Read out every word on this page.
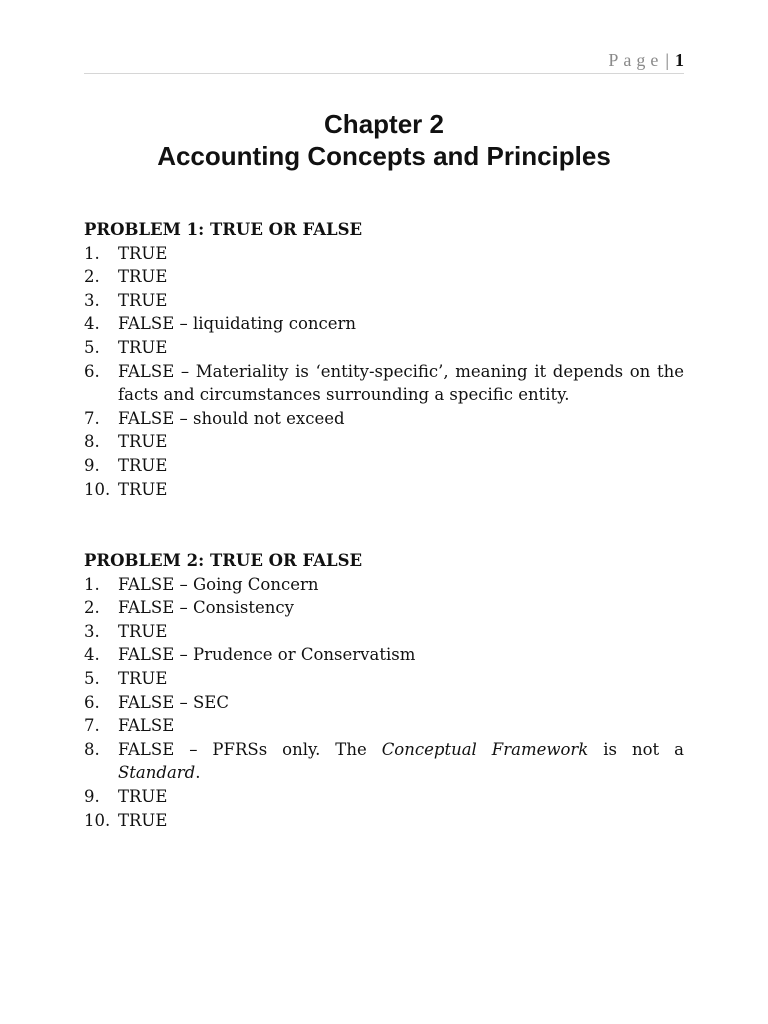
Page | 1
Chapter 2
Accounting Concepts and Principles
PROBLEM 1: TRUE OR FALSE
1.	TRUE
2.	TRUE
3.	TRUE
4.	FALSE – liquidating concern
5.	TRUE
6.	FALSE – Materiality is ‘entity-specific’, meaning it depends on the facts and circumstances surrounding a specific entity.
7.	FALSE – should not exceed
8.	TRUE
9.	TRUE
10. TRUE
PROBLEM 2: TRUE OR FALSE
1.	FALSE – Going Concern
2.	FALSE – Consistency
3.	TRUE
4.	FALSE – Prudence or Conservatism
5.	TRUE
6.	FALSE – SEC
7.	FALSE
8.	FALSE – PFRSs only. The Conceptual Framework is not a Standard.
9.	TRUE
10. TRUE
